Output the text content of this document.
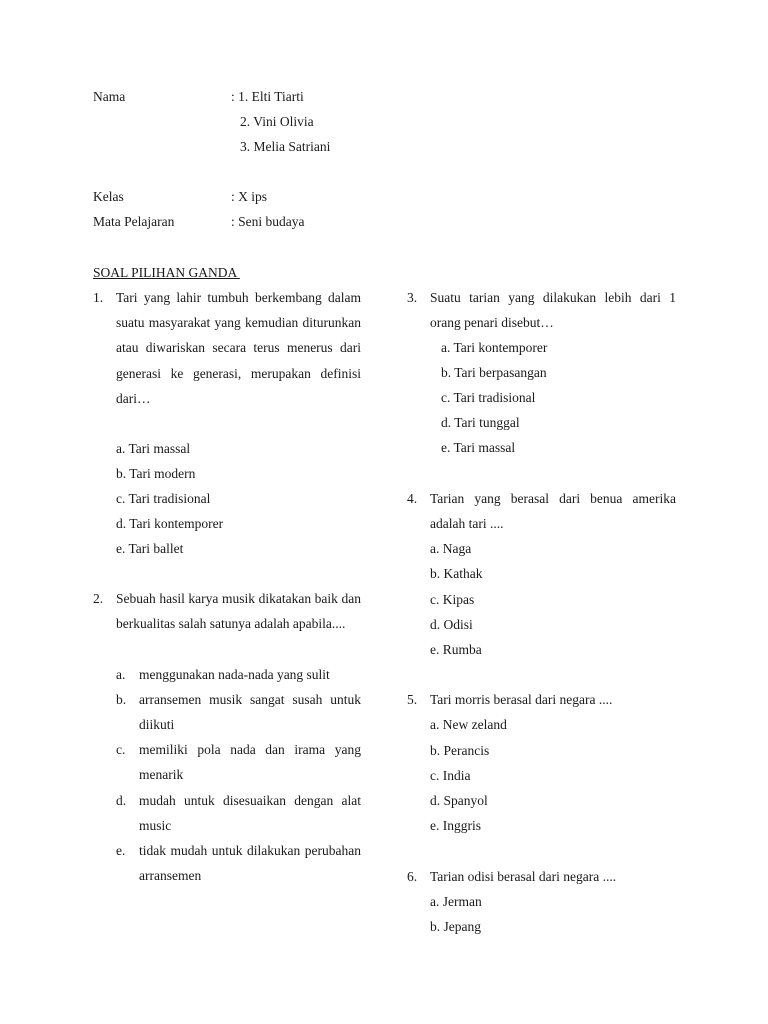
Nama	: 1. Elti Tiarti
2. Vini Olivia
3. Melia Satriani
Kelas	: X ips
Mata Pelajaran	: Seni budaya
SOAL PILIHAN GANDA
1. Tari yang lahir tumbuh berkembang dalam suatu masyarakat yang kemudian diturunkan atau diwariskan secara terus menerus dari generasi ke generasi, merupakan definisi dari…
a. Tari massal
b. Tari modern
c. Tari tradisional
d. Tari kontemporer
e. Tari ballet
2. Sebuah hasil karya musik dikatakan baik dan berkualitas salah satunya adalah apabila....
a. menggunakan nada-nada yang sulit
b. arransemen musik sangat susah untuk diikuti
c. memiliki pola nada dan irama yang menarik
d. mudah untuk disesuaikan dengan alat music
e. tidak mudah untuk dilakukan perubahan arransemen
3. Suatu tarian yang dilakukan lebih dari 1 orang penari disebut…
a. Tari kontemporer
b. Tari berpasangan
c. Tari tradisional
d. Tari tunggal
e. Tari massal
4. Tarian yang berasal dari benua amerika adalah tari ....
a. Naga
b. Kathak
c. Kipas
d. Odisi
e. Rumba
5. Tari morris berasal dari negara ....
a. New zeland
b. Perancis
c. India
d. Spanyol
e. Inggris
6. Tarian odisi berasal dari negara ....
a. Jerman
b. Jepang
